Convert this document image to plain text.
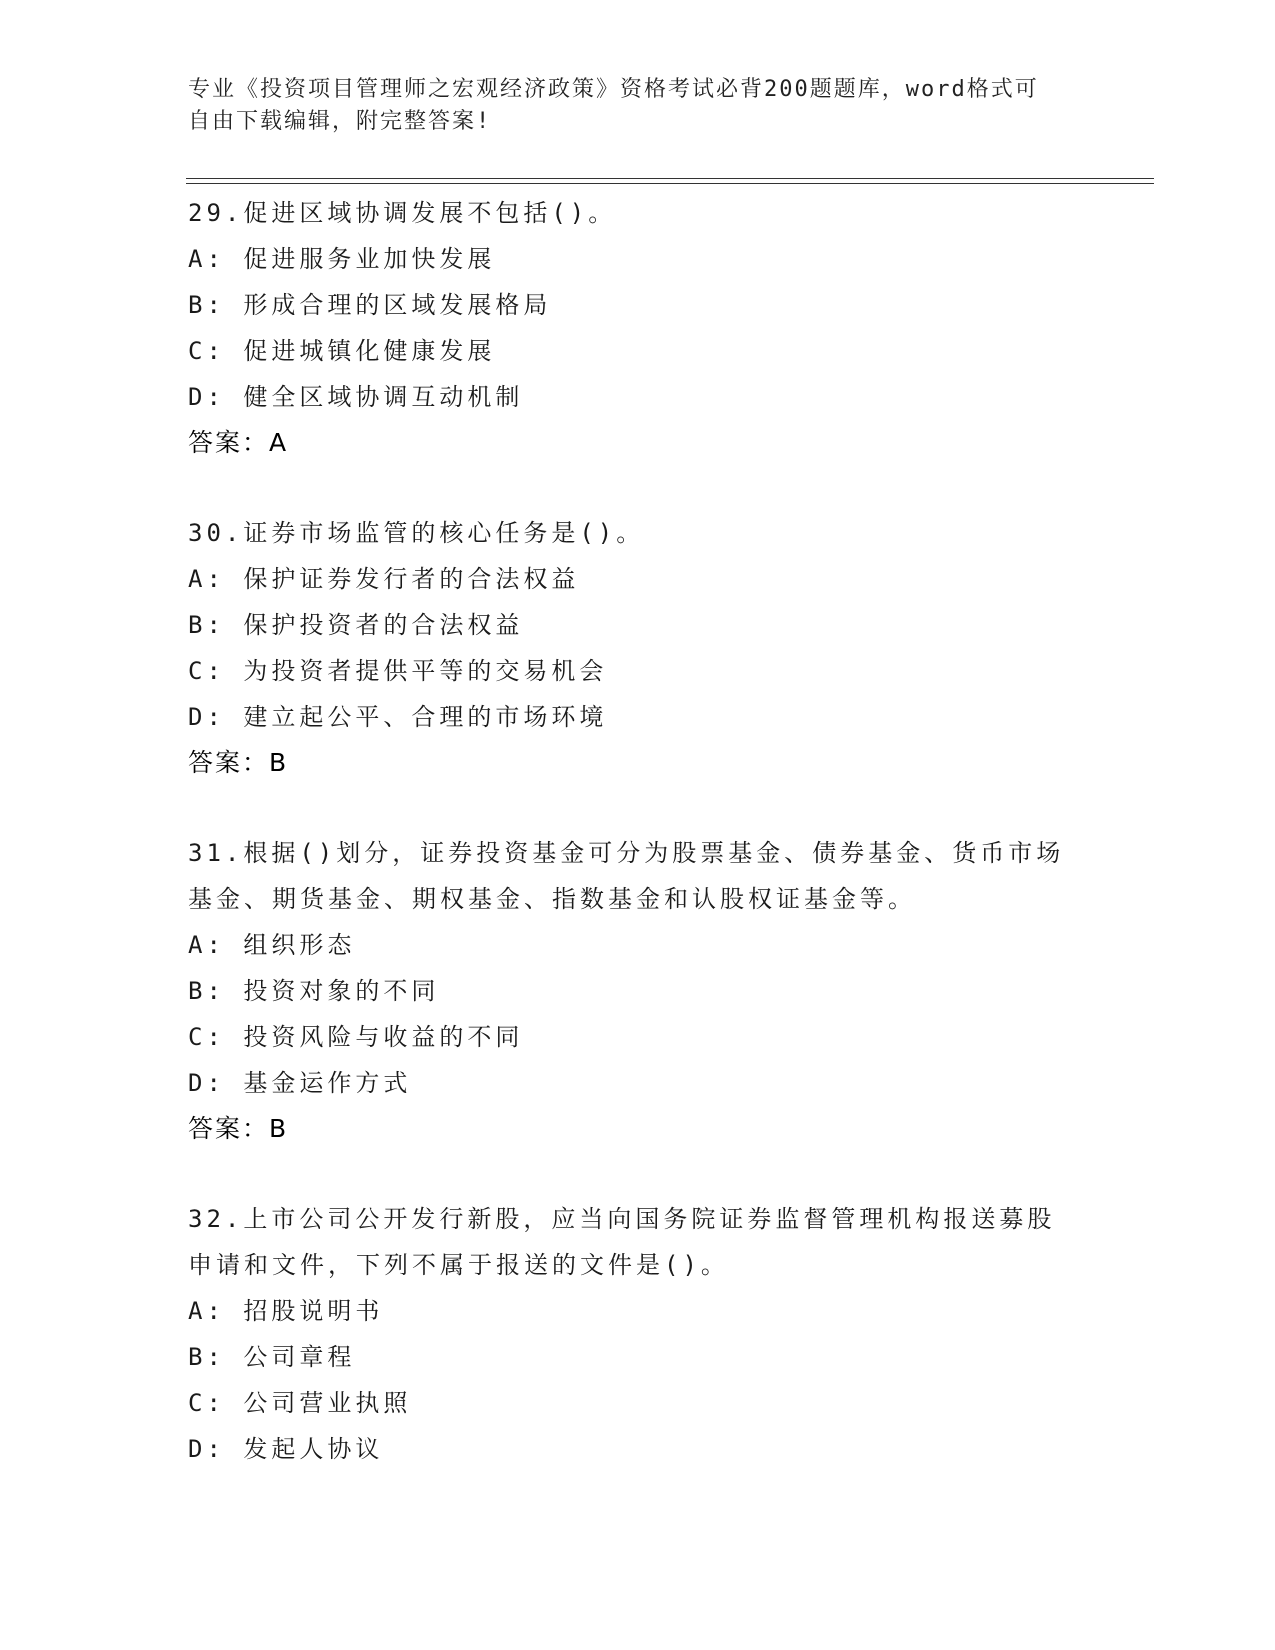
专业《投资项目管理师之宏观经济政策》资格考试必背200题题库，word格式可
自由下载编辑，附完整答案!
29.促进区域协调发展不包括()。
A: 促进服务业加快发展
B: 形成合理的区域发展格局
C: 促进城镇化健康发展
D: 健全区域协调互动机制
答案：A
30.证券市场监管的核心任务是()。
A: 保护证券发行者的合法权益
B: 保护投资者的合法权益
C: 为投资者提供平等的交易机会
D: 建立起公平、合理的市场环境
答案：B
31.根据()划分，证券投资基金可分为股票基金、债券基金、货币市场
基金、期货基金、期权基金、指数基金和认股权证基金等。
A: 组织形态
B: 投资对象的不同
C: 投资风险与收益的不同
D: 基金运作方式
答案：B
32.上市公司公开发行新股，应当向国务院证券监督管理机构报送募股
申请和文件，下列不属于报送的文件是()。
A: 招股说明书
B: 公司章程
C: 公司营业执照
D: 发起人协议
